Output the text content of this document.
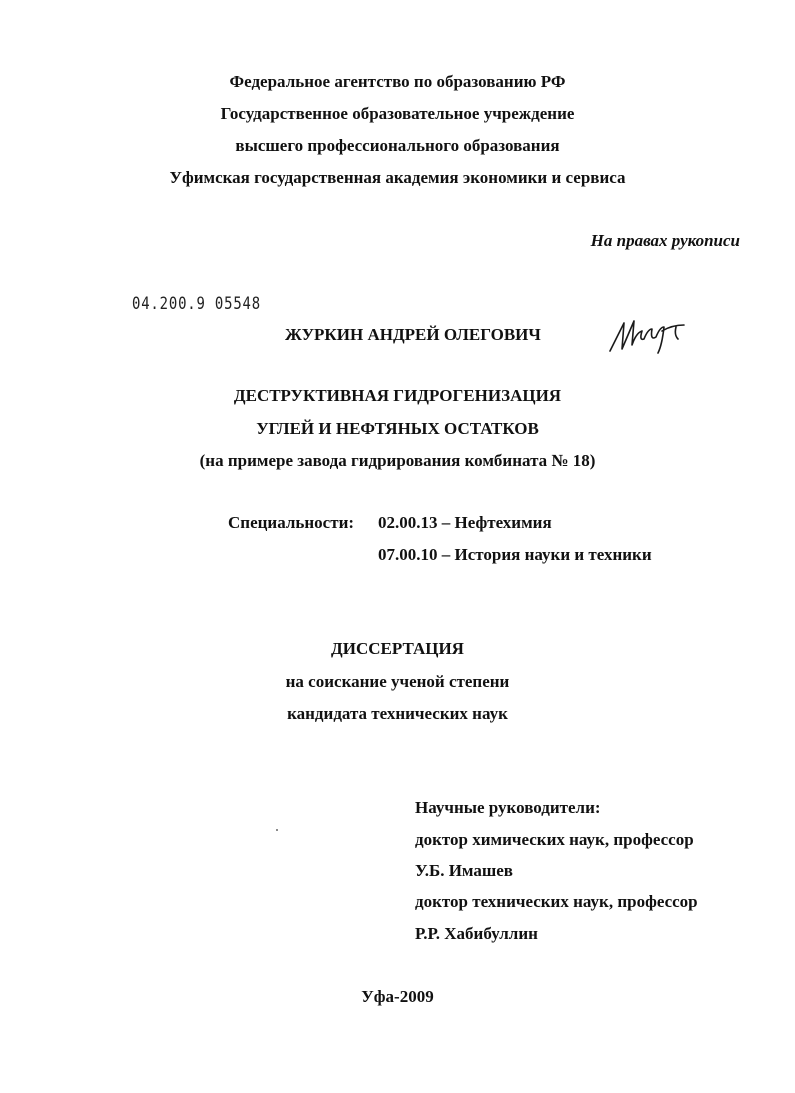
Федеральное агентство по образованию РФ
Государственное образовательное учреждение
высшего профессионального образования
Уфимская государственная академия экономики и сервиса
На правах рукописи
04.200.9 05548
ЖУРКИН АНДРЕЙ ОЛЕГОВИЧ
ДЕСТРУКТИВНАЯ ГИДРОГЕНИЗАЦИЯ
УГЛЕЙ И НЕФТЯНЫХ ОСТАТКОВ
(на примере завода гидрирования комбината № 18)
Специальности: 02.00.13 – Нефтехимия
07.00.10 – История науки и техники
ДИССЕРТАЦИЯ
на соискание ученой степени
кандидата технических наук
Научные руководители:
доктор химических наук, профессор
У.Б. Имашев
доктор технических наук, профессор
Р.Р. Хабибуллин
Уфа-2009
